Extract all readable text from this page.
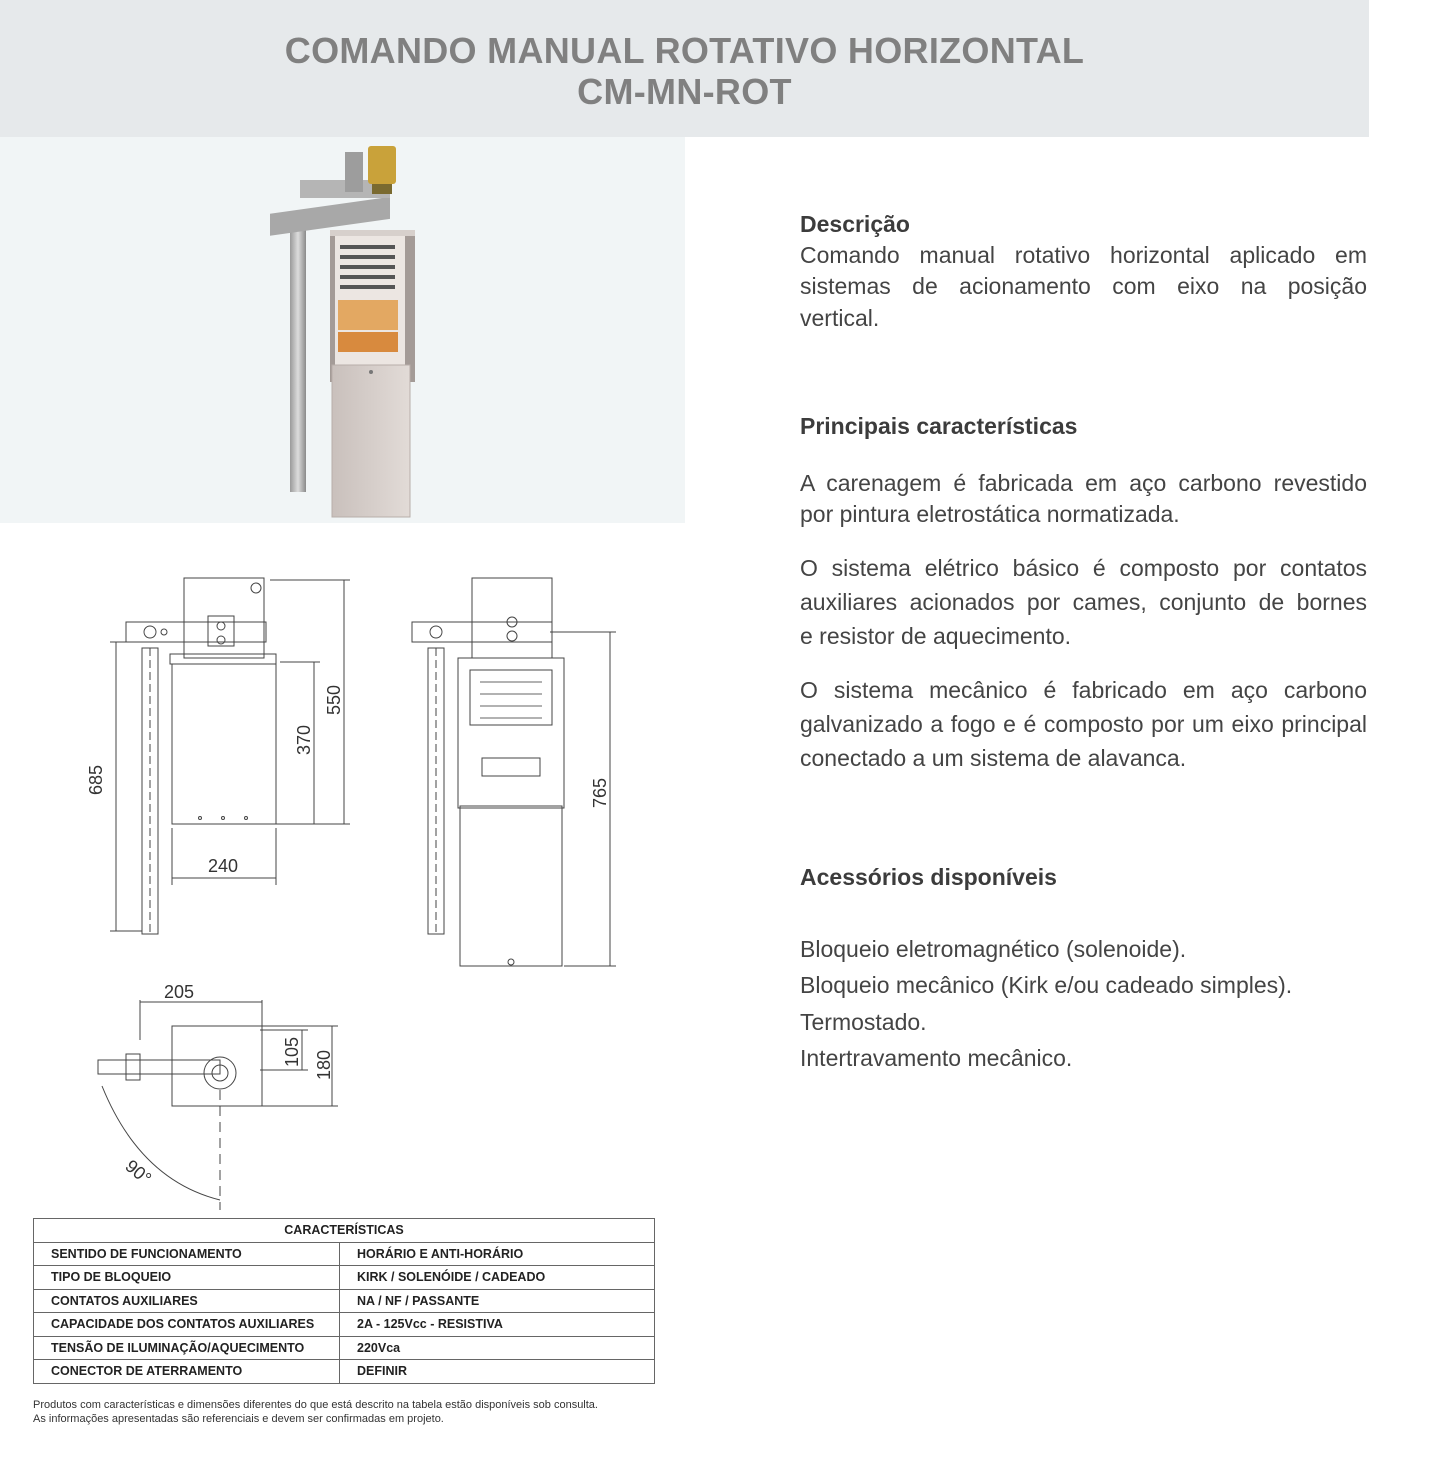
COMANDO MANUAL ROTATIVO HORIZONTAL
CM-MN-ROT
685
370
550
240
765
205
105 180
90°
Descrição
Comando manual rotativo horizontal aplicado em
sistemas de acionamento com eixo na posição
vertical.
Principais características
A carenagem é fabricada em aço carbono revestido
por pintura eletrostática normatizada.
O sistema elétrico básico é composto por contatos
auxiliares acionados por cames, conjunto de bornes
e resistor de aquecimento.
O sistema mecânico é fabricado em aço carbono
galvanizado a fogo e é composto por um eixo principal
conectado a um sistema de alavanca.
Acessórios disponíveis
Bloqueio eletromagnético (solenoide).
Bloqueio mecânico (Kirk e/ou cadeado simples).
Termostado.
Intertravamento mecânico.
CARACTERÍSTICAS	
SENTIDO DE FUNCIONAMENTO	HORÁRIO E ANTI-HORÁRIO
TIPO DE BLOQUEIO	KIRK / SOLENÓIDE / CADEADO
CONTATOS AUXILIARES	NA / NF / PASSANTE
CAPACIDADE DOS CONTATOS AUXILIARES	2A - 125Vcc - RESISTIVA
TENSÃO DE ILUMINAÇÃO/AQUECIMENTO	220Vca
CONECTOR DE ATERRAMENTO	DEFINIR
Produtos com características e dimensões diferentes do que está descrito na tabela estão disponíveis sob consulta.
As informações apresentadas são referenciais e devem ser confirmadas em projeto.
